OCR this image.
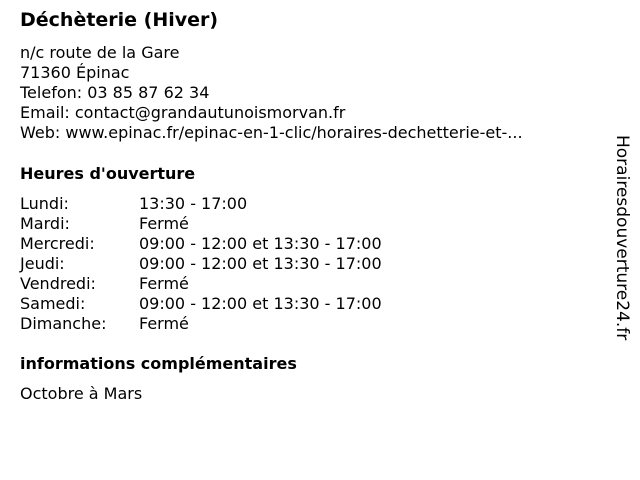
Déchèterie (Hiver)
n/c route de la Gare
71360 Épinac
Telefon: 03 85 87 62 34
Email: contact@grandautunoismorvan.fr
Web: www.epinac.fr/epinac-en-1-clic/horaires-dechetterie-et-...
Heures d'ouverture
Lundi:	13:30 - 17:00
Mardi:	Fermé
Mercredi:	09:00 - 12:00 et 13:30 - 17:00
Jeudi:	09:00 - 12:00 et 13:30 - 17:00
Vendredi:	Fermé
Samedi:	09:00 - 12:00 et 13:30 - 17:00
Dimanche: Fermé
informations complémentaires
Octobre à Mars
Horairesdouverture24.fr
